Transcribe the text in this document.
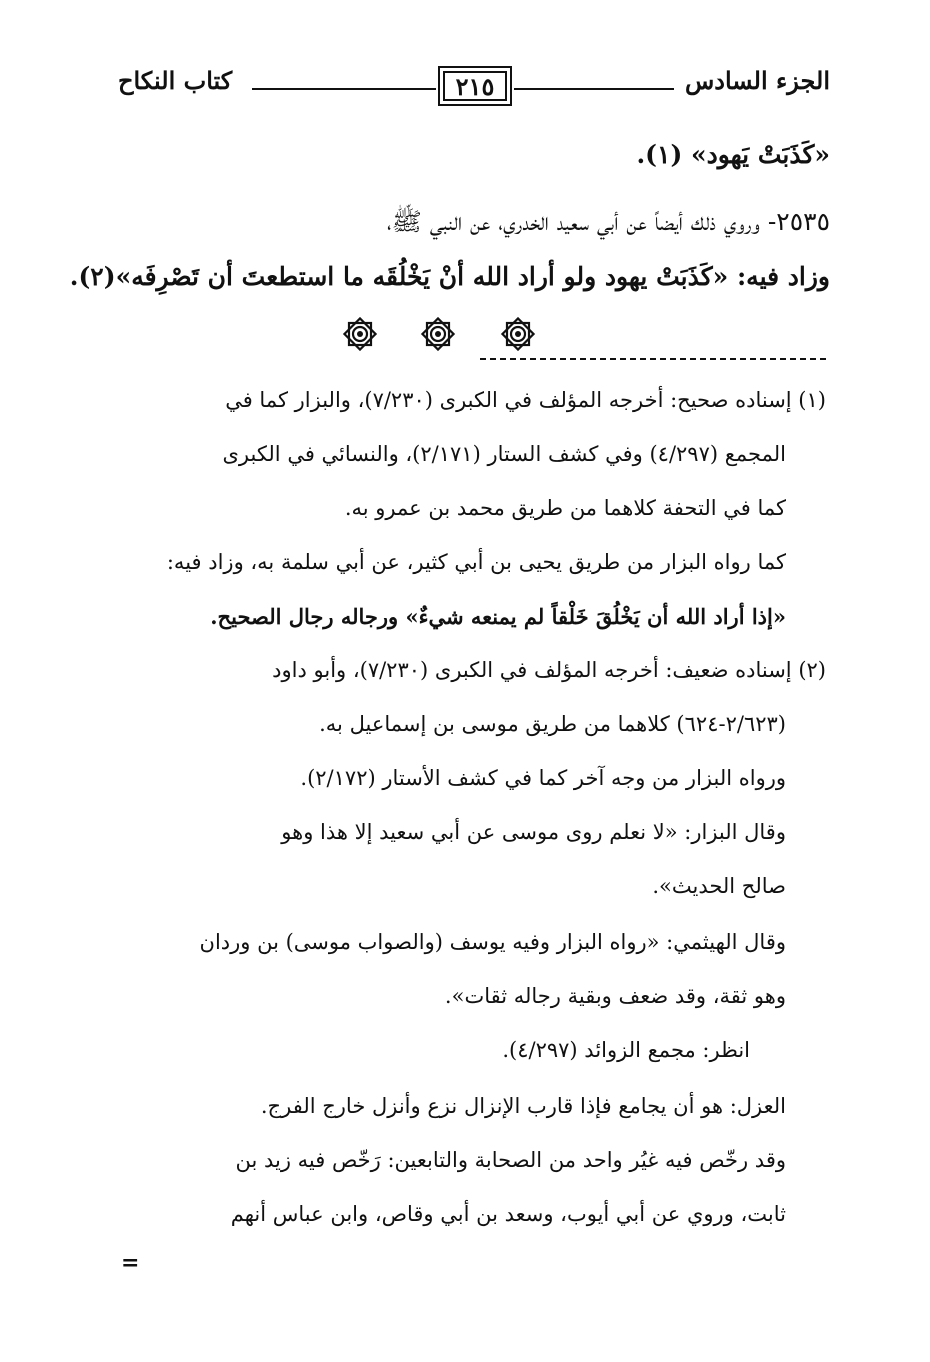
الجزء السادس
٢١٥
كتاب النكاح
«كَذَبَتْ يَهود» (١).
٢٥٣٥- وروي ذلك أيضاً عن أبي سعيد الخدري، عن النبي ﷺ،
وزاد فيه: «كَذَبَتْ يهود ولو أراد الله أنْ يَخْلُقَه ما استطعتَ أن تَصْرِفَه»(٢).
(١) إسناده صحيح: أخرجه المؤلف في الكبرى (٧/٢٣٠)، والبزار كما في
المجمع (٤/٢٩٧) وفي كشف الستار (٢/١٧١)، والنسائي في الكبرى
كما في التحفة كلاهما من طريق محمد بن عمرو به.
كما رواه البزار من طريق يحيى بن أبي كثير، عن أبي سلمة به، وزاد فيه:
«إذا أراد الله أن يَخْلُقَ خَلْقاً لم يمنعه شيءٌ» ورجاله رجال الصحيح.
(٢) إسناده ضعيف: أخرجه المؤلف في الكبرى (٧/٢٣٠)، وأبو داود
(٢/٦٢٣-٦٢٤) كلاهما من طريق موسى بن إسماعيل به.
ورواه البزار من وجه آخر كما في كشف الأستار (٢/١٧٢).
وقال البزار: «لا نعلم روى موسى عن أبي سعيد إلا هذا وهو
صالح الحديث».
وقال الهيثمي: «رواه البزار وفيه يوسف (والصواب موسى) بن وردان
وهو ثقة، وقد ضعف وبقية رجاله ثقات».
انظر: مجمع الزوائد (٤/٢٩٧).
العزل: هو أن يجامع فإذا قارب الإنزال نزع وأنزل خارج الفرج.
وقد رخّص فيه غيُر واحد من الصحابة والتابعين: رَخّص فيه زيد بن
ثابت، وروي عن أبي أيوب، وسعد بن أبي وقاص، وابن عباس أنهم
=
